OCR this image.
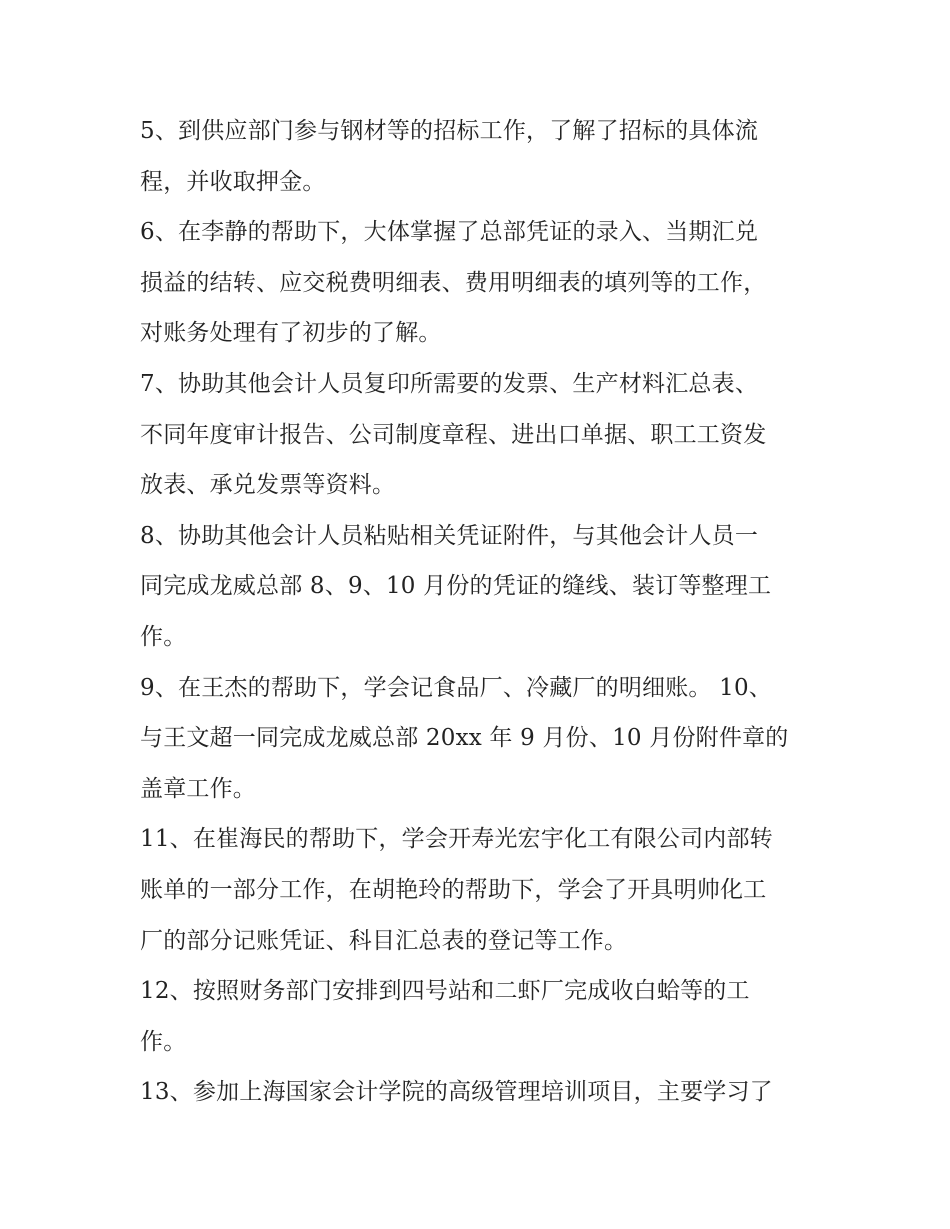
5、到供应部门参与钢材等的招标工作，了解了招标的具体流
程，并收取押金。
6、在李静的帮助下，大体掌握了总部凭证的录入、当期汇兑
损益的结转、应交税费明细表、费用明细表的填列等的工作，
对账务处理有了初步的了解。
7、协助其他会计人员复印所需要的发票、生产材料汇总表、
不同年度审计报告、公司制度章程、进出口单据、职工工资发
放表、承兑发票等资料。
8、协助其他会计人员粘贴相关凭证附件，与其他会计人员一
同完成龙威总部 8、9、10 月份的凭证的缝线、装订等整理工
作。
9、在王杰的帮助下，学会记食品厂、冷藏厂的明细账。 10、
与王文超一同完成龙威总部 20xx 年 9 月份、10 月份附件章的
盖章工作。
11、在崔海民的帮助下，学会开寿光宏宇化工有限公司内部转
账单的一部分工作，在胡艳玲的帮助下，学会了开具明帅化工
厂的部分记账凭证、科目汇总表的登记等工作。
12、按照财务部门安排到四号站和二虾厂完成收白蛤等的工
作。
13、参加上海国家会计学院的高级管理培训项目，主要学习了
